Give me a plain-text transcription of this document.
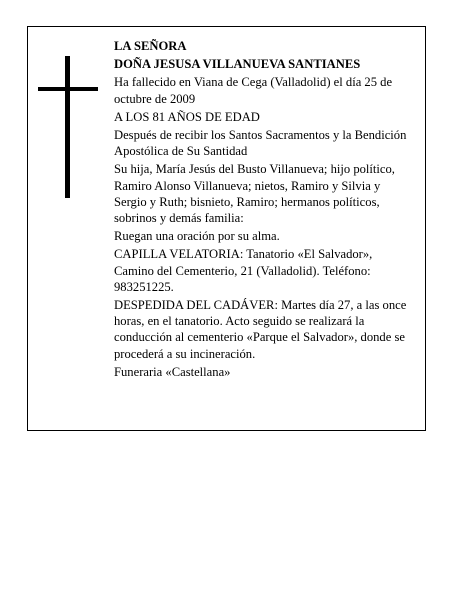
LA SEÑORA

DOÑA JESUSA VILLANUEVA SANTIANES

Ha fallecido en Viana de Cega (Valladolid) el día 25 de octubre de 2009

A LOS 81 AÑOS DE EDAD

Después de recibir los Santos Sacramentos y la Bendición Apostólica de Su Santidad

Su hija, María Jesús del Busto Villanueva; hijo político, Ramiro Alonso Villanueva; nietos, Ramiro y Silvia y Sergio y Ruth; bisnieto, Ramiro; hermanos políticos, sobrinos y demás familia:

Ruegan una oración por su alma.

CAPILLA VELATORIA: Tanatorio «El Salvador», Camino del Cementerio, 21 (Valladolid). Teléfono: 983251225.

DESPEDIDA DEL CADÁVER: Martes día 27, a las once horas, en el tanatorio. Acto seguido se realizará la conducción al cementerio «Parque el Salvador», donde se procederá a su incineración.

Funeraria «Castellana»
